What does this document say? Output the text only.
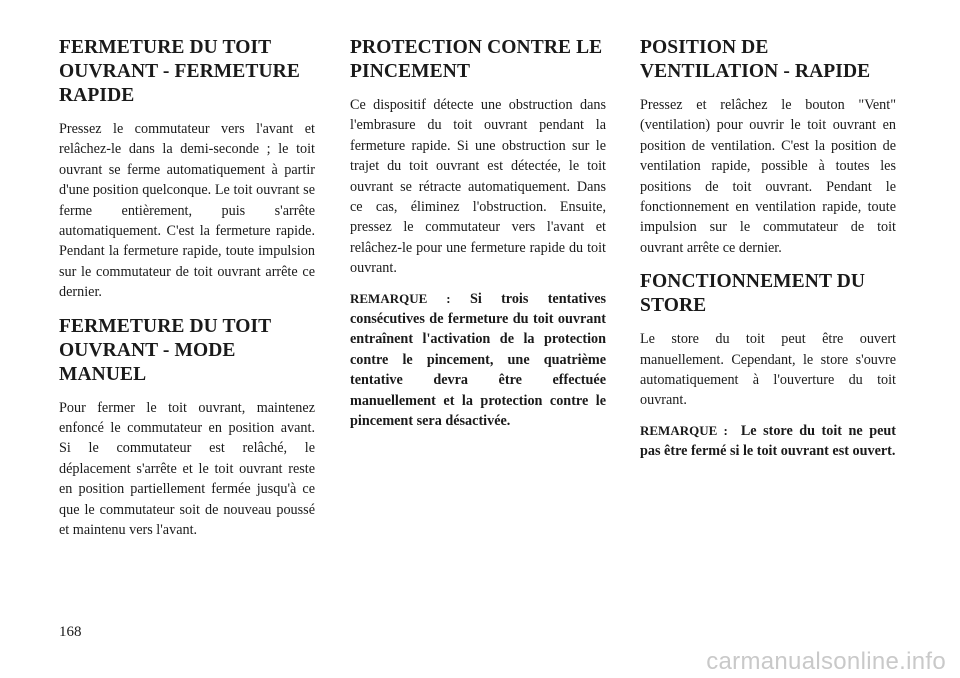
FERMETURE DU TOIT OUVRANT - FERMETURE RAPIDE

Pressez le commutateur vers l'avant et relâchez-le dans la demi-seconde ; le toit ouvrant se ferme automatiquement à partir d'une position quelconque. Le toit ouvrant se ferme entièrement, puis s'arrête automatiquement. C'est la fermeture rapide. Pendant la fermeture rapide, toute impulsion sur le commutateur de toit ouvrant arrête ce dernier.

FERMETURE DU TOIT OUVRANT - MODE MANUEL

Pour fermer le toit ouvrant, maintenez enfoncé le commutateur en position avant. Si le commutateur est relâché, le déplacement s'arrête et le toit ouvrant reste en position partiellement fermée jusqu'à ce que le commutateur soit de nouveau poussé et maintenu vers l'avant.

PROTECTION CONTRE LE PINCEMENT

Ce dispositif détecte une obstruction dans l'embrasure du toit ouvrant pendant la fermeture rapide. Si une obstruction sur le trajet du toit ouvrant est détectée, le toit ouvrant se rétracte automatiquement. Dans ce cas, éliminez l'obstruction. Ensuite, pressez le commutateur vers l'avant et relâchez-le pour une fermeture rapide du toit ouvrant.

REMARQUE : Si trois tentatives consécutives de fermeture du toit ouvrant entraînent l'activation de la protection contre le pincement, une quatrième tentative devra être effectuée manuellement et la protection contre le pincement sera désactivée.

POSITION DE VENTILATION - RAPIDE

Pressez et relâchez le bouton "Vent" (ventilation) pour ouvrir le toit ouvrant en position de ventilation. C'est la position de ventilation rapide, possible à toutes les positions de toit ouvrant. Pendant le fonctionnement en ventilation rapide, toute impulsion sur le commutateur de toit ouvrant arrête ce dernier.

FONCTIONNEMENT DU STORE

Le store du toit peut être ouvert manuellement. Cependant, le store s'ouvre automatiquement à l'ouverture du toit ouvrant.

REMARQUE : Le store du toit ne peut pas être fermé si le toit ouvrant est ouvert.

168
carmanualsonline.info
